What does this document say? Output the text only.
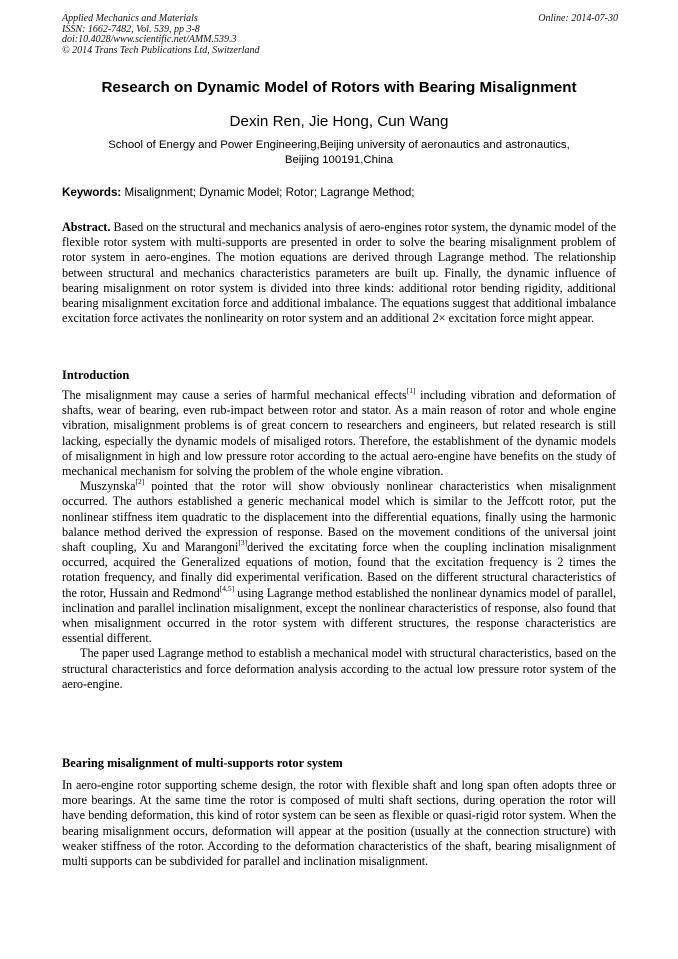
Applied Mechanics and Materials
ISSN: 1662-7482, Vol. 539, pp 3-8
doi:10.4028/www.scientific.net/AMM.539.3
© 2014 Trans Tech Publications Ltd, Switzerland
Online: 2014-07-30
Research on Dynamic Model of Rotors with Bearing Misalignment
Dexin Ren, Jie Hong, Cun Wang
School of Energy and Power Engineering,Beijing university of aeronautics and astronautics,
Beijing 100191,China
Keywords: Misalignment; Dynamic Model; Rotor; Lagrange Method;
Abstract. Based on the structural and mechanics analysis of aero-engines rotor system, the dynamic model of the flexible rotor system with multi-supports are presented in order to solve the bearing misalignment problem of rotor system in aero-engines. The motion equations are derived through Lagrange method. The relationship between structural and mechanics characteristics parameters are built up. Finally, the dynamic influence of bearing misalignment on rotor system is divided into three kinds: additional rotor bending rigidity, additional bearing misalignment excitation force and additional imbalance. The equations suggest that additional imbalance excitation force activates the nonlinearity on rotor system and an additional 2× excitation force might appear.
Introduction

The misalignment may cause a series of harmful mechanical effects[1] including vibration and deformation of shafts, wear of bearing, even rub-impact between rotor and stator. As a main reason of rotor and whole engine vibration, misalignment problems is of great concern to researchers and engineers, but related research is still lacking, especially the dynamic models of misaliged rotors. Therefore, the establishment of the dynamic models of misalignment in high and low pressure rotor according to the actual aero-engine have benefits on the study of mechanical mechanism for solving the problem of the whole engine vibration.

Muszynska[2] pointed that the rotor will show obviously nonlinear characteristics when misalignment occurred. The authors established a generic mechanical model which is similar to the Jeffcott rotor, put the nonlinear stiffness item quadratic to the displacement into the differential equations, finally using the harmonic balance method derived the expression of response. Based on the movement conditions of the universal joint shaft coupling, Xu and Marangoni[3]derived the excitating force when the coupling inclination misalignment occurred, acquired the Generalized equations of motion, found that the excitation frequency is 2 times the rotation frequency, and finally did experimental verification. Based on the different structural characteristics of the rotor, Hussain and Redmond[4,5] using Lagrange method established the nonlinear dynamics model of parallel, inclination and parallel inclination misalignment, except the nonlinear characteristics of response, also found that when misalignment occurred in the rotor system with different structures, the response characteristics are essential different.

The paper used Lagrange method to establish a mechanical model with structural characteristics, based on the structural characteristics and force deformation analysis according to the actual low pressure rotor system of the aero-engine.

Bearing misalignment of multi-supports rotor system

In aero-engine rotor supporting scheme design, the rotor with flexible shaft and long span often adopts three or more bearings. At the same time the rotor is composed of multi shaft sections, during operation the rotor will have bending deformation, this kind of rotor system can be seen as flexible or quasi-rigid rotor system. When the bearing misalignment occurs, deformation will appear at the position (usually at the connection structure) with weaker stiffness of the rotor. According to the deformation characteristics of the shaft, bearing misalignment of multi supports can be subdivided for parallel and inclination misalignment.
